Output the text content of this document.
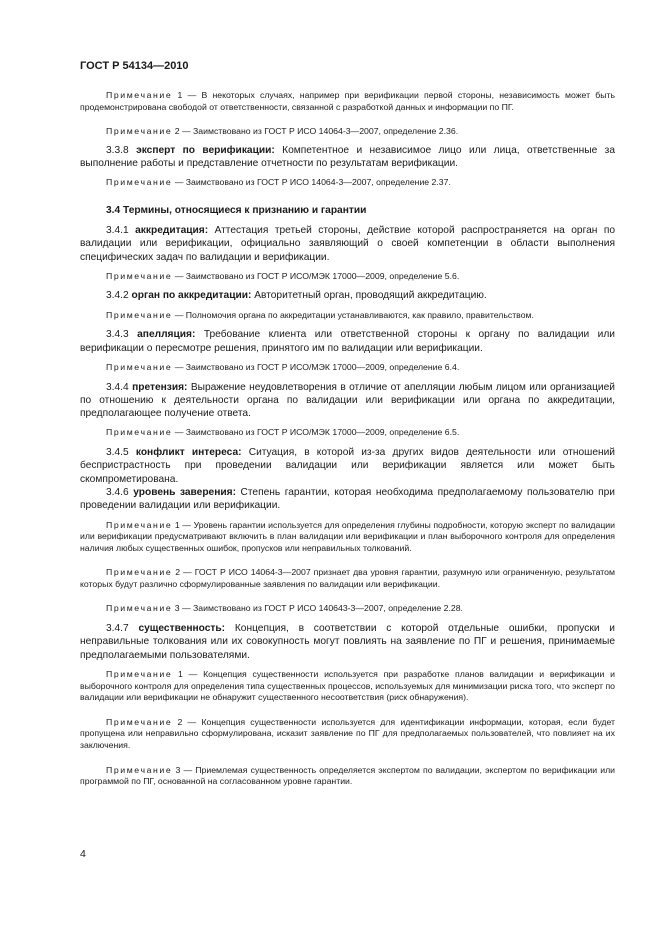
ГОСТ Р 54134—2010

Примечание 1 — В некоторых случаях, например при верификации первой стороны, независимость может быть продемонстрирована свободой от ответственности, связанной с разработкой данных и информации по ПГ.

Примечание 2 — Заимствовано из ГОСТ Р ИСО 14064-3—2007, определение 2.36.

3.3.8 эксперт по верификации: Компетентное и независимое лицо или лица, ответственные за выполнение работы и представление отчетности по результатам верификации.

Примечание — Заимствовано из ГОСТ Р ИСО 14064-3—2007, определение 2.37.

3.4 Термины, относящиеся к признанию и гарантии

3.4.1 аккредитация: Аттестация третьей стороны, действие которой распространяется на орган по валидации или верификации, официально заявляющий о своей компетенции в области выполнения специфических задач по валидации и верификации.

Примечание — Заимствовано из ГОСТ Р ИСО/МЭК 17000—2009, определение 5.6.

3.4.2 орган по аккредитации: Авторитетный орган, проводящий аккредитацию.

Примечание — Полномочия органа по аккредитации устанавливаются, как правило, правительством.

3.4.3 апелляция: Требование клиента или ответственной стороны к органу по валидации или верификации о пересмотре решения, принятого им по валидации или верификации.

Примечание — Заимствовано из ГОСТ Р ИСО/МЭК 17000—2009, определение 6.4.

3.4.4 претензия: Выражение неудовлетворения в отличие от апелляции любым лицом или организацией по отношению к деятельности органа по валидации или верификации или органа по аккредитации, предполагающее получение ответа.

Примечание — Заимствовано из ГОСТ Р ИСО/МЭК 17000—2009, определение 6.5.

3.4.5 конфликт интереса: Ситуация, в которой из-за других видов деятельности или отношений беспристрастность при проведении валидации или верификации является или может быть скомпрометирована.

3.4.6 уровень заверения: Степень гарантии, которая необходима предполагаемому пользователю при проведении валидации или верификации.

Примечание 1 — Уровень гарантии используется для определения глубины подробности, которую эксперт по валидации или верификации предусматривают включить в план валидации или верификации и план выборочного контроля для определения наличия любых существенных ошибок, пропусков или неправильных толкований.

Примечание 2 — ГОСТ Р ИСО 14064-3—2007 признает два уровня гарантии, разумную или ограниченную, результатом которых будут различно сформулированные заявления по валидации или верификации.

Примечание 3 — Заимствовано из ГОСТ Р ИСО 140643-3—2007, определение 2.28.

3.4.7 существенность: Концепция, в соответствии с которой отдельные ошибки, пропуски и неправильные толкования или их совокупность могут повлиять на заявление по ПГ и решения, принимаемые предполагаемыми пользователями.

Примечание 1 — Концепция существенности используется при разработке планов валидации и верификации и выборочного контроля для определения типа существенных процессов, используемых для минимизации риска того, что эксперт по валидации или верификации не обнаружит существенного несоответствия (риск обнаружения).

Примечание 2 — Концепция существенности используется для идентификации информации, которая, если будет пропущена или неправильно сформулирована, исказит заявление по ПГ для предполагаемых пользователей, что повлияет на их заключения.

Примечание 3 — Приемлемая существенность определяется экспертом по валидации, экспертом по верификации или программой по ПГ, основанной на согласованном уровне гарантии.

4
